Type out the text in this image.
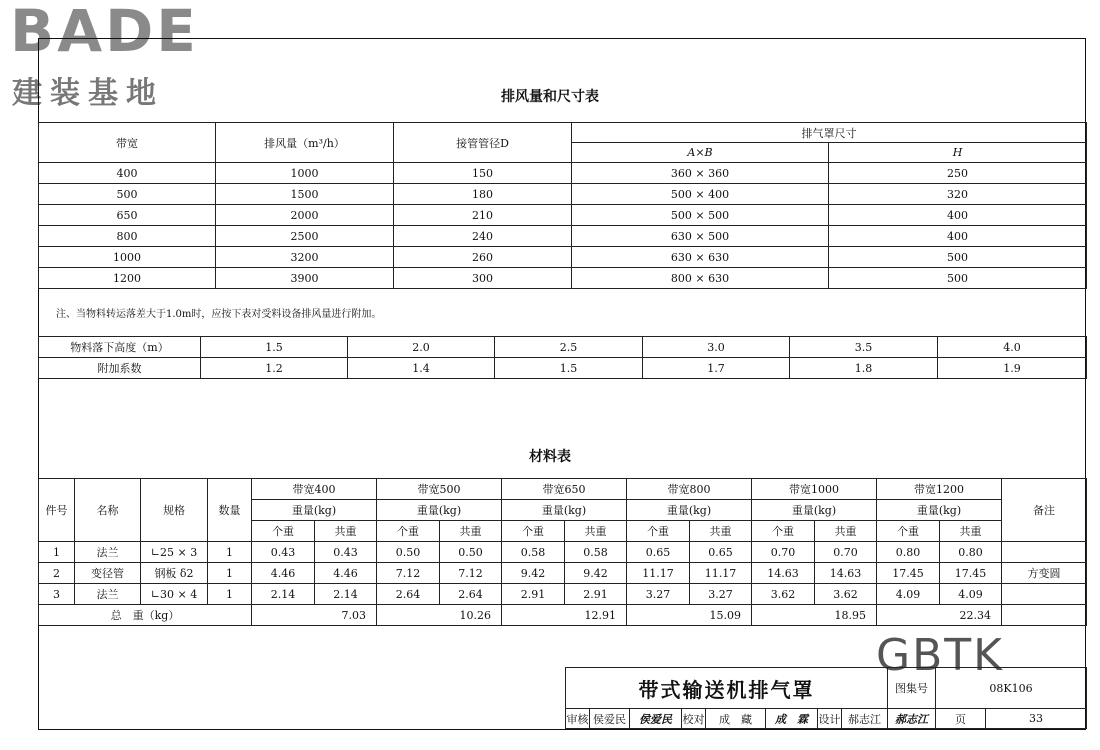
BADE
建装基地	排风量和尺寸表
带宽	排风量（m³/h）	接管管径D	排气罩尺寸	
			A×B	H
400	1000	150	360 × 360	250
500	1500	180	500 × 400	320
650	2000	210	500 × 500	400
800	2500	240	630 × 500	400
1000	3200	260	630 × 630	500
1200	3900	300	800 × 630	500
注、当物料转运落差大于1.0m时，应按下表对受料设备排风量进行附加。
物料落下高度（m）	1.5	2.0	2.5	3.0	3.5	4.0
附加系数	1.2	1.4	1.5	1.7	1.8	1.9
材料表
件号	名称	规格	数量	带宽400		带宽500		带宽650		带宽800		带宽1000		带宽1200		备注
				重量(kg)		重量(kg)		重量(kg)		重量(kg)		重量(kg)		重量(kg)		
				个重	共重	个重	共重	个重	共重	个重	共重	个重	共重	个重	共重	
1	法兰	∟25 × 3	1	0.43	0.43	0.50	0.50	0.58	0.58	0.65	0.65	0.70	0.70	0.80	0.80	
2	变径管	钢板 δ2	1	4.46	4.46	7.12	7.12	9.42	9.42	11.17	11.17	14.63	14.63	17.45	17.45	方变圆
3	法兰	∟30 × 4	1	2.14	2.14	2.64	2.64	2.91	2.91	3.27	3.27	3.62	3.62	4.09	4.09	
总　重（kg）				7.03		10.26		12.91		15.09		18.95		22.34		
GBTK
带式输送机排气罩								图集号	08K106	
审核	侯爱民	侯爱民	校对	成　藏	成　霖	设计	郝志江	郝志江	页	33
